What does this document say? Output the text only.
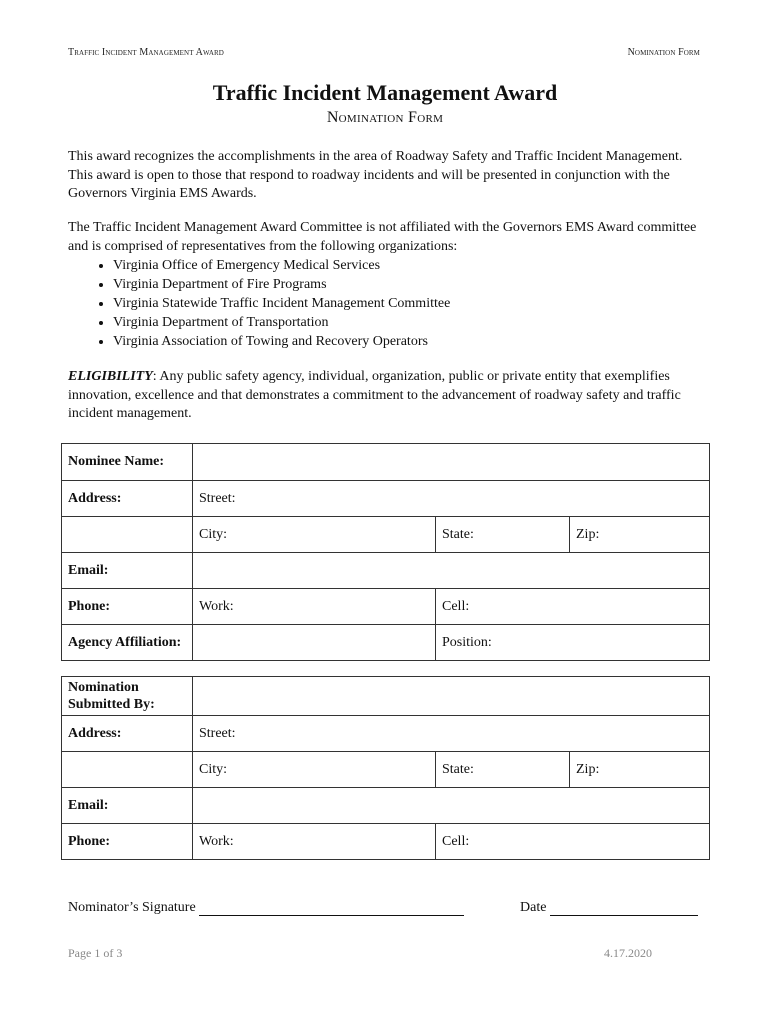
Traffic Incident Management Award	Nomination Form
Traffic Incident Management Award
Nomination Form
This award recognizes the accomplishments in the area of Roadway Safety and Traffic Incident Management. This award is open to those that respond to roadway incidents and will be presented in conjunction with the Governors Virginia EMS Awards.
The Traffic Incident Management Award Committee is not affiliated with the Governors EMS Award committee and is comprised of representatives from the following organizations:
• Virginia Office of Emergency Medical Services
• Virginia Department of Fire Programs
• Virginia Statewide Traffic Incident Management Committee
• Virginia Department of Transportation
• Virginia Association of Towing and Recovery Operators
ELIGIBILITY: Any public safety agency, individual, organization, public or private entity that exemplifies innovation, excellence and that demonstrates a commitment to the advancement of roadway safety and traffic incident management.
Nominee Name:			
Address:	Street:		
	City:	State:	Zip:
Email:			
Phone:	Work:	Cell:	
Agency Affiliation:		Position:	
Nomination Submitted By:			
Address:	Street:		
	City:	State:	Zip:
Email:			
Phone:	Work:	Cell:	
Nominator’s Signature	Date
Page 1 of 3	4.17.2020
